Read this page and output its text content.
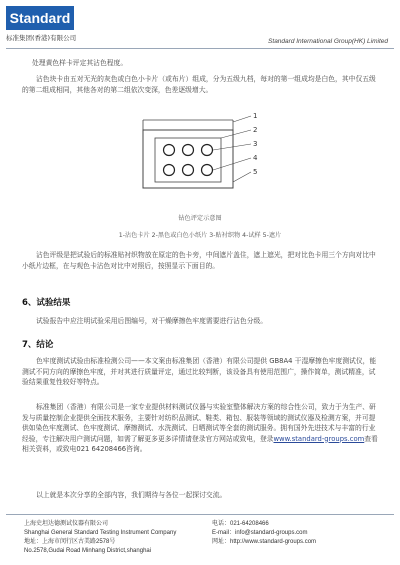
Standard
标准集团(香港)有限公司	Standard International Group(HK) Limited
处理黄色样卡评定其沾色程度。
沾色块卡由五对无光的灰色或白色小卡片（或布片）组成，分为五级九档，每对的第一组成均是白色，其中仅五级的第二组成相同，其他各对的第二组依次变深，色差逐级增大。
1
2
3
4
5
钻色评定示意图
1-沾色卡片 2-黑色或白色小纸片 3-贴衬织物 4-试样 5-遮片
沾色评级是把试验后的标准贴衬织物放在原定的色卡旁，中间遮片盖住，遮上遮光，把对比色卡用三个方向对比中小纸片边框，在与观色卡沾色对比中对照后，按照显示下面目的。
6、试验结果
试验报告中应注明试验采用后图编号，对干燥摩擦色牢度需要进行沾色分级。
7、结论
色牢度测试试验由标准检测公司——本文案由标准集团（香港）有限公司提供 GB8A4 干湿摩擦色牢度测试仪，能测试不同方向的摩擦色牢度，并对其进行质量评定，通过比较判断，该设备具有使用范围广，操作简单，测试精准，试验结果重复性较好等特点。
标准集团（香港）有限公司是一家专业提供材料测试仪器与实验室整体解决方案的综合性公司，致力于为生产、研发与质量控制企业提供全面技术服务，主要针对纺织品测试、鞋类、箱包、服装等领域的测试仪器及检测方案，并可提供如染色牢度测试、色牢度测试、摩擦测试、水洗测试、日晒测试等全套的测试服务。拥有国外先进技术与丰富的行业经验，专注解决用户测试问题，如需了解更多更多详情请登录官方网站或致电，登录www.standard-groups.com查看相关资料，或致电021 64208466咨询。
以上就是本次分享的全部内容，我们期待与各位一起探讨交流。
上海史坦达德测试仪器有限公司
Shanghai General Standard Testing Instrument Company
地址：上海市闵行区古美路2578号
No.2578,Gudai Road Minhang District,shanghai
电话：021-64208466
E-mail：info@standard-groups.com
网址：http://www.standard-groups.com
